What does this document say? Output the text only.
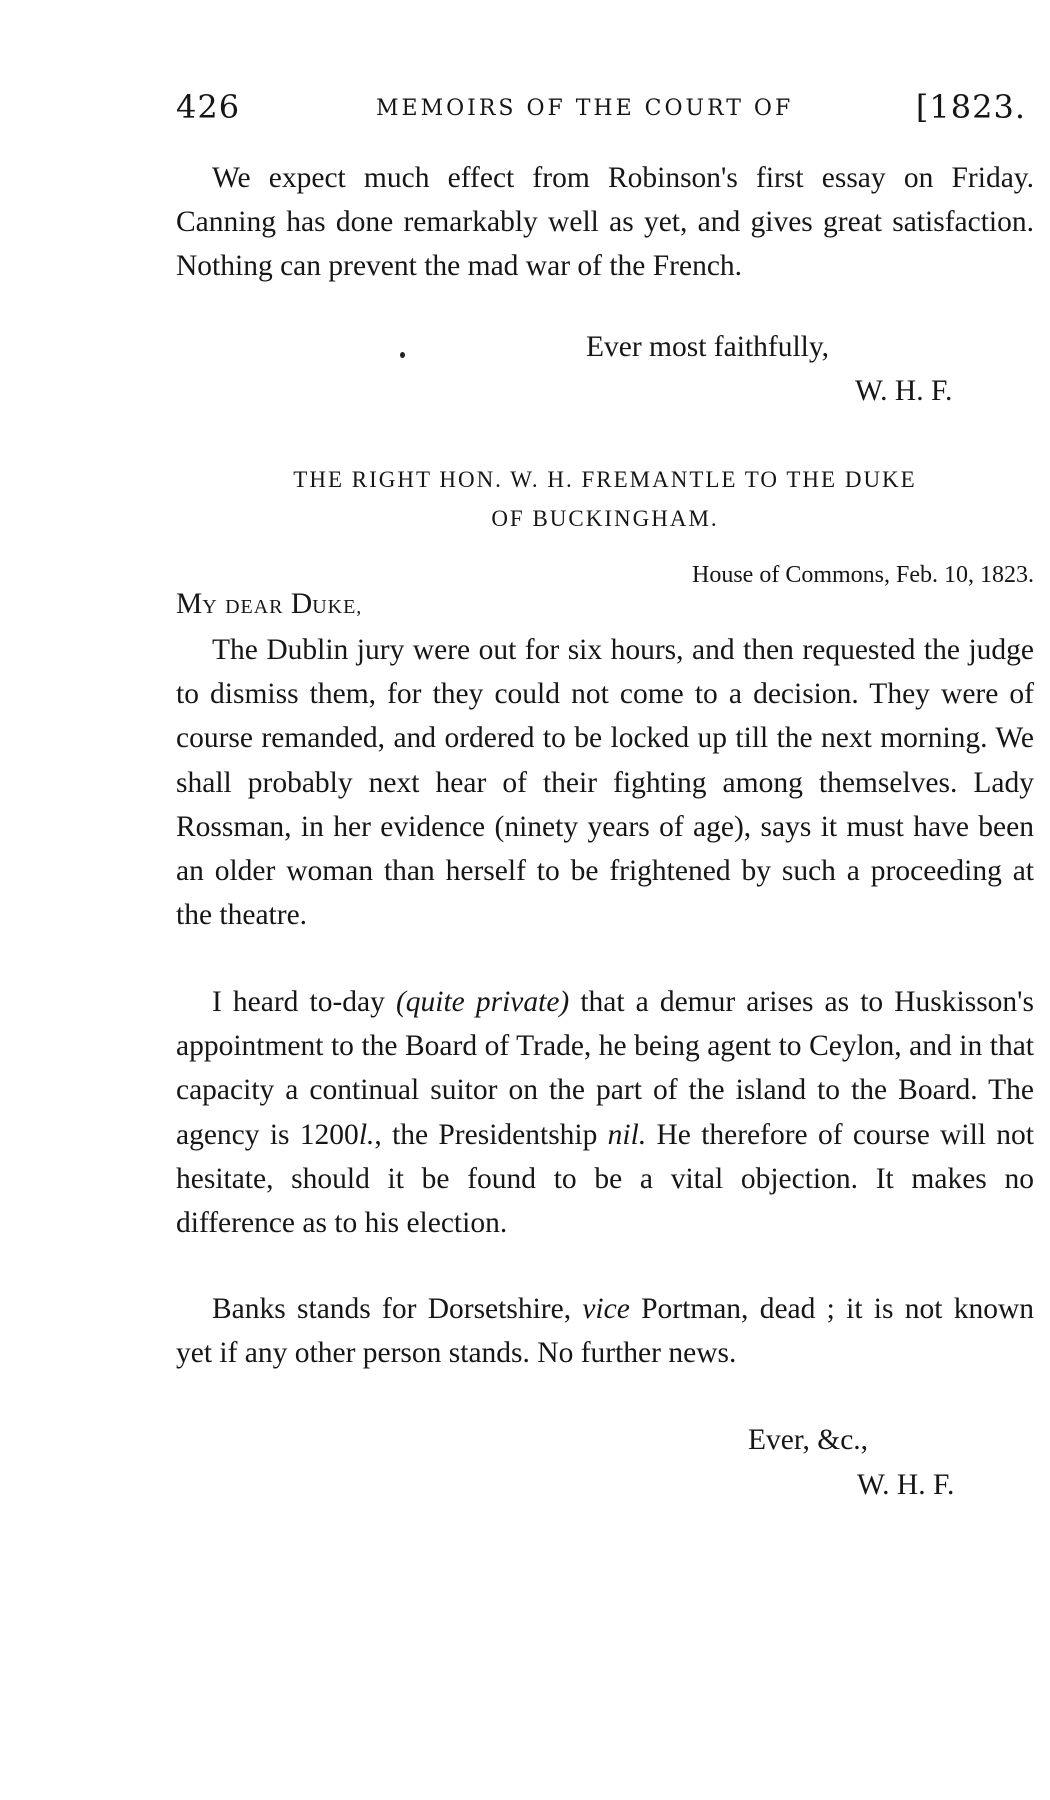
426	MEMOIRS OF THE COURT OF	[1823.

We expect much effect from Robinson's first essay on Friday. Canning has done remarkably well as yet, and gives great satisfaction. Nothing can prevent the mad war of the French.

Ever most faithfully,
W. H. F.

THE RIGHT HON. W. H. FREMANTLE TO THE DUKE

OF BUCKINGHAM.

House of Commons, Feb. 10, 1823.
MY DEAR DUKE,

The Dublin jury were out for six hours, and then requested the judge to dismiss them, for they could not come to a decision. They were of course remanded, and ordered to be locked up till the next morning. We shall probably next hear of their fighting among themselves. Lady Rossman, in her evidence (ninety years of age), says it must have been an older woman than herself to be frightened by such a proceeding at the theatre.

I heard to-day (quite private) that a demur arises as to Huskisson's appointment to the Board of Trade, he being agent to Ceylon, and in that capacity a continual suitor on the part of the island to the Board. The agency is 1200l., the Presidentship nil. He therefore of course will not hesitate, should it be found to be a vital objection. It makes no difference as to his election.

Banks stands for Dorsetshire, vice Portman, dead ; it is not known yet if any other person stands. No further news.

Ever, &c.,
W. H. F.
